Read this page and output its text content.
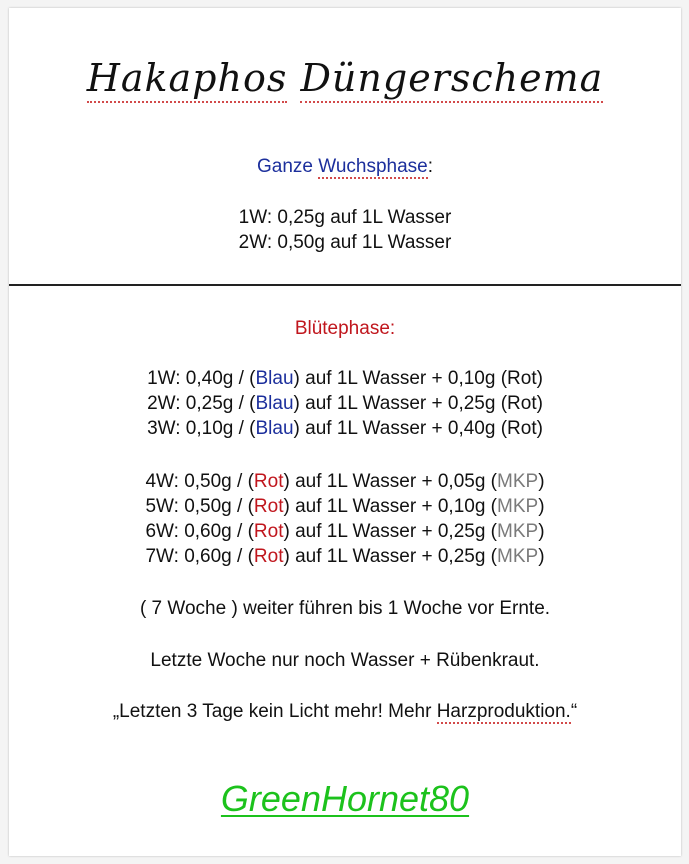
Hakaphos Düngerschema
Ganze Wuchsphase:
1W: 0,25g auf 1L Wasser
2W: 0,50g auf 1L Wasser
Blütephase:
1W: 0,40g / (Blau) auf 1L Wasser + 0,10g (Rot)
2W: 0,25g / (Blau) auf 1L Wasser + 0,25g (Rot)
3W: 0,10g / (Blau) auf 1L Wasser + 0,40g (Rot)
4W: 0,50g / (Rot) auf 1L Wasser + 0,05g (MKP)
5W: 0,50g / (Rot) auf 1L Wasser + 0,10g (MKP)
6W: 0,60g / (Rot) auf 1L Wasser + 0,25g (MKP)
7W: 0,60g / (Rot) auf 1L Wasser + 0,25g (MKP)
( 7 Woche ) weiter führen bis 1 Woche vor Ernte.
Letzte Woche nur noch Wasser + Rübenkraut.
„Letzten 3 Tage kein Licht mehr! Mehr Harzproduktion.“
GreenHornet80
